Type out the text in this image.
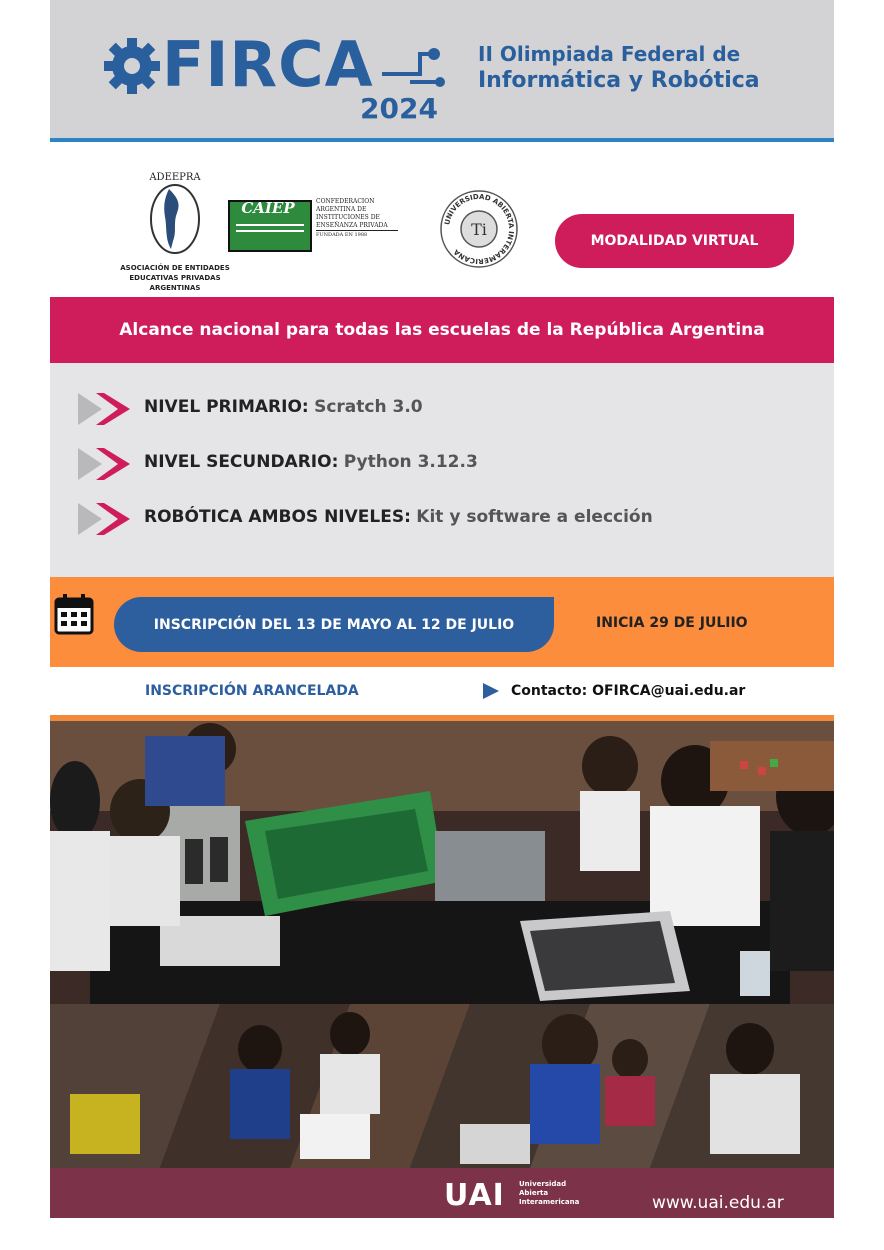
FIRCA
2024
II Olimpiada Federal de
Informática y Robótica
ADEEPRA
ASOCIACIÓN DE ENTIDADES
EDUCATIVAS PRIVADAS
ARGENTINAS
CAIEP	CONFEDERACION
ARGENTINA DE
INSTITUCIONES DE
ENSEÑANZA PRIVADA
FUNDADA EN 1988
UNIVERSIDAD ABIERTA INTERAMERICANA
Ti
MODALIDAD VIRTUAL
Alcance nacional para todas las escuelas de la República Argentina
NIVEL PRIMARIO: Scratch 3.0
NIVEL SECUNDARIO: Python 3.12.3
ROBÓTICA AMBOS NIVELES: Kit y software a elección
INSCRIPCIÓN DEL 13 DE MAYO AL 12 DE JULIO	INICIA 29 DE JULIIO
INSCRIPCIÓN ARANCELADA	Contacto: OFIRCA@uai.edu.ar
UAI Universidad
Abierta
Interamericana	www.uai.edu.ar
